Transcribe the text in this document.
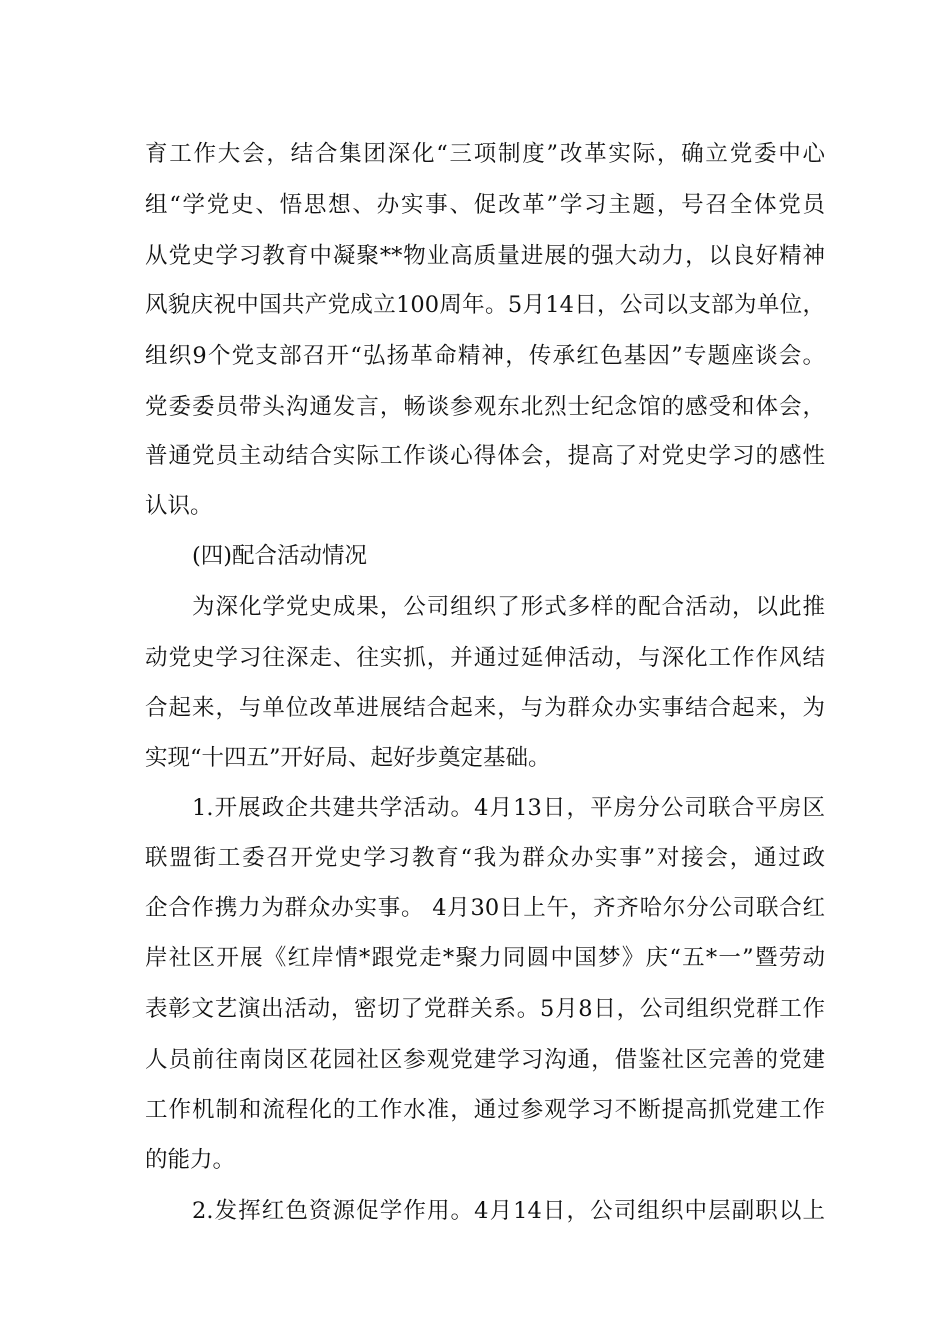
育工作大会，结合集团深化“三项制度”改革实际，确立党委中心
组“学党史、悟思想、办实事、促改革”学习主题，号召全体党员
从党史学习教育中凝聚**物业高质量进展的强大动力，以良好精神
风貌庆祝中国共产党成立100周年。5月14日，公司以支部为单位，
组织9个党支部召开“弘扬革命精神，传承红色基因”专题座谈会。
党委委员带头沟通发言，畅谈参观东北烈士纪念馆的感受和体会，
普通党员主动结合实际工作谈心得体会，提高了对党史学习的感性
认识。
(四)配合活动情况
为深化学党史成果，公司组织了形式多样的配合活动，以此推
动党史学习往深走、往实抓，并通过延伸活动，与深化工作作风结
合起来，与单位改革进展结合起来，与为群众办实事结合起来，为
实现“十四五”开好局、起好步奠定基础。
1.开展政企共建共学活动。4月13日，平房分公司联合平房区
联盟街工委召开党史学习教育“我为群众办实事”对接会，通过政
企合作携力为群众办实事。 4月30日上午，齐齐哈尔分公司联合红
岸社区开展《红岸情*跟党走*聚力同圆中国梦》庆“五*一”暨劳动
表彰文艺演出活动，密切了党群关系。5月8日，公司组织党群工作
人员前往南岗区花园社区参观党建学习沟通，借鉴社区完善的党建
工作机制和流程化的工作水准，通过参观学习不断提高抓党建工作
的能力。
2.发挥红色资源促学作用。4月14日，公司组织中层副职以上
